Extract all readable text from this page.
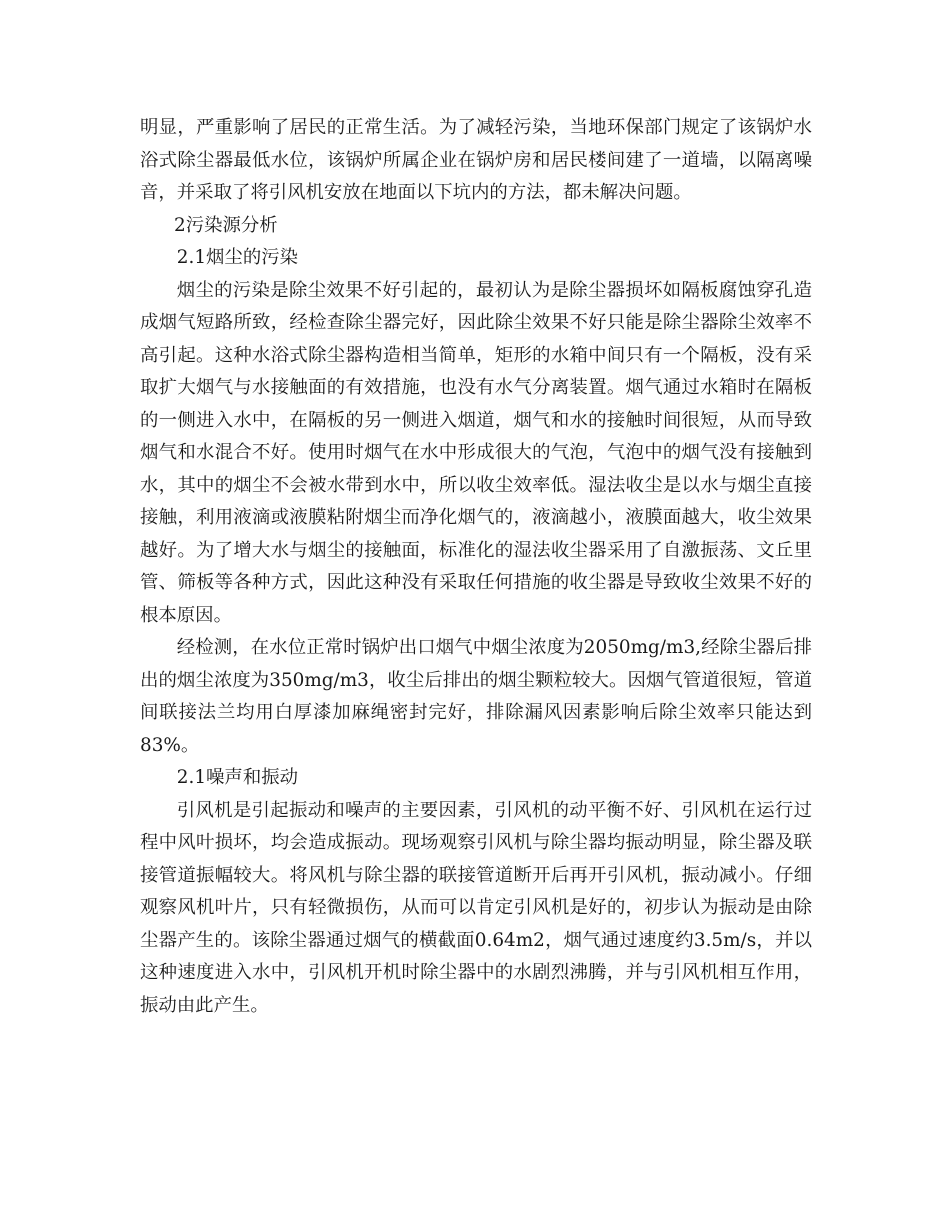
明显，严重影响了居民的正常生活。为了减轻污染，当地环保部门规定了该锅炉水浴式除尘器最低水位，该锅炉所属企业在锅炉房和居民楼间建了一道墙，以隔离噪音，并采取了将引风机安放在地面以下坑内的方法，都未解决问题。

2污染源分析

2.1烟尘的污染

烟尘的污染是除尘效果不好引起的，最初认为是除尘器损坏如隔板腐蚀穿孔造成烟气短路所致，经检查除尘器完好，因此除尘效果不好只能是除尘器除尘效率不高引起。这种水浴式除尘器构造相当简单，矩形的水箱中间只有一个隔板，没有采取扩大烟气与水接触面的有效措施，也没有水气分离装置。烟气通过水箱时在隔板的一侧进入水中，在隔板的另一侧进入烟道，烟气和水的接触时间很短，从而导致烟气和水混合不好。使用时烟气在水中形成很大的气泡，气泡中的烟气没有接触到水，其中的烟尘不会被水带到水中，所以收尘效率低。湿法收尘是以水与烟尘直接接触，利用液滴或液膜粘附烟尘而净化烟气的，液滴越小，液膜面越大，收尘效果越好。为了增大水与烟尘的接触面，标准化的湿法收尘器采用了自激振荡、文丘里管、筛板等各种方式，因此这种没有采取任何措施的收尘器是导致收尘效果不好的根本原因。

经检测，在水位正常时锅炉出口烟气中烟尘浓度为2050mg/m3,经除尘器后排出的烟尘浓度为350mg/m3，收尘后排出的烟尘颗粒较大。因烟气管道很短，管道间联接法兰均用白厚漆加麻绳密封完好，排除漏风因素影响后除尘效率只能达到83%。

2.1噪声和振动

引风机是引起振动和噪声的主要因素，引风机的动平衡不好、引风机在运行过程中风叶损坏，均会造成振动。现场观察引风机与除尘器均振动明显，除尘器及联接管道振幅较大。将风机与除尘器的联接管道断开后再开引风机，振动减小。仔细观察风机叶片，只有轻微损伤，从而可以肯定引风机是好的，初步认为振动是由除尘器产生的。该除尘器通过烟气的横截面0.64m2，烟气通过速度约3.5m/s，并以这种速度进入水中，引风机开机时除尘器中的水剧烈沸腾，并与引风机相互作用，振动由此产生。
